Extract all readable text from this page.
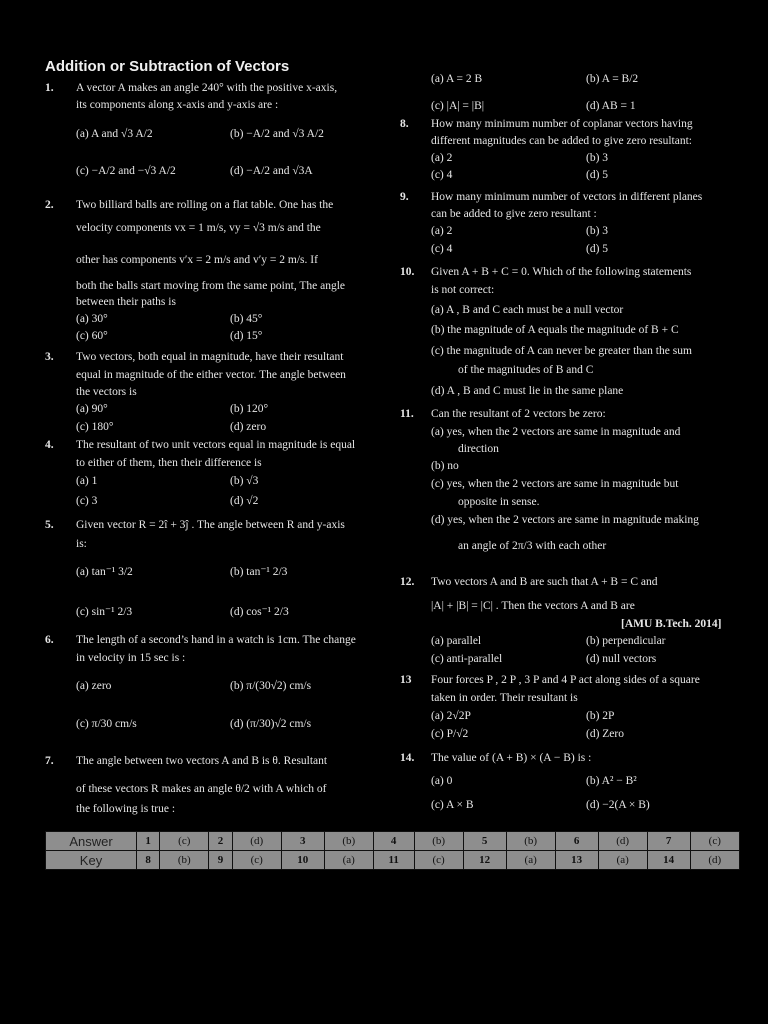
Addition or Subtraction of Vectors
1. A vector A makes an angle 240° with the positive x-axis,
its components along x-axis and y-axis are :
(a) A and √3 A/2	(b) −A/2 and √3 A/2
(c) −A/2 and −√3 A/2	(d) −A/2 and √3A
2. Two billiard balls are rolling on a flat table. One has the
velocity components vx = 1 m/s, vy = √3 m/s and the
other has components v′x = 2 m/s and v′y = 2 m/s. If
both the balls start moving from the same point, The angle
between their paths is
(a) 30°	(b) 45°
(c) 60°	(d) 15°
3. Two vectors, both equal in magnitude, have their resultant
equal in magnitude of the either vector. The angle between
the vectors is
(a) 90°	(b) 120°
(c) 180°	(d) zero
4. The resultant of two unit vectors equal in magnitude is equal
to either of them, then their difference is
(a) 1	(b) √3
(c) 3	(d) √2
5. Given vector R = 2î + 3ĵ . The angle between R and y-axis
is:
(a) tan⁻¹ 3/2	(b) tan⁻¹ 2/3
(c) sin⁻¹ 2/3	(d) cos⁻¹ 2/3
6. The length of a second’s hand in a watch is 1cm. The change
in velocity in 15 sec is :
(a) zero	(b) π/(30√2) cm/s
(c) π/30 cm/s	(d) (π/30)√2 cm/s
7. The angle between two vectors A and B is θ. Resultant
of these vectors R makes an angle θ/2 with A which of
the following is true :
(a) A = 2 B	(b) A = B/2
(c) |A| = |B|	(d) AB = 1
8. How many minimum number of coplanar vectors having
different magnitudes can be added to give zero resultant:
(a) 2	(b) 3
(c) 4	(d) 5
9. How many minimum number of vectors in different planes
can be added to give zero resultant :
(a) 2	(b) 3
(c) 4	(d) 5
10. Given A + B + C = 0. Which of the following statements
is not correct:
(a) A , B and C each must be a null vector
(b) the magnitude of A equals the magnitude of B + C
(c) the magnitude of A can never be greater than the sum
of the magnitudes of B and C
(d) A , B and C must lie in the same plane
11. Can the resultant of 2 vectors be zero:
(a) yes, when the 2 vectors are same in magnitude and
direction
(b) no
(c) yes, when the 2 vectors are same in magnitude but
opposite in sense.
(d) yes, when the 2 vectors are same in magnitude making
an angle of 2π/3 with each other
12. Two vectors A and B are such that A + B = C and
|A| + |B| = |C| . Then the vectors A and B are
[AMU B.Tech. 2014]
(a) parallel	(b) perpendicular
(c) anti-parallel	(d) null vectors
13 Four forces P , 2 P , 3 P and 4 P act along sides of a square
taken in order. Their resultant is
(a) 2√2P	(b) 2P
(c) P/√2	(d) Zero
14. The value of (A + B) × (A − B) is :
(a) 0	(b) A² − B²
(c) A × B	(d) −2(A × B)
Answer	1	(c)	2	(d)	3	(b)	4	(b)	5	(b)	6	(d)	7	(c)
Key	8	(b)	9	(c)	10	(a)	11	(c)	12	(a)	13	(a)	14	(d)
